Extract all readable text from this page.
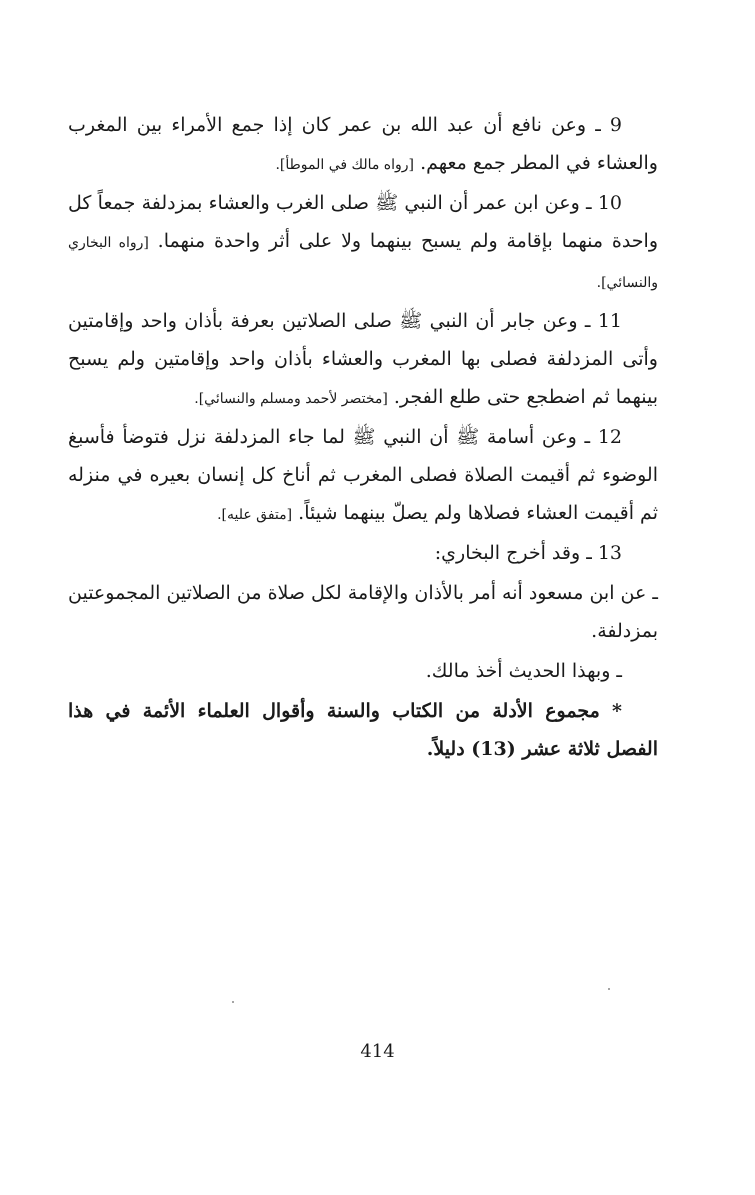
9 ـ وعن نافع أن عبد الله بن عمر كان إذا جمع الأمراء بين المغرب والعشاء في المطر جمع معهم. [رواه مالك في الموطأ].

10 ـ وعن ابن عمر أن النبي ﷺ صلى الغرب والعشاء بمزدلفة جمعاً كل واحدة منهما بإقامة ولم يسبح بينهما ولا على أثر واحدة منهما. [رواه البخاري والنسائي].

11 ـ وعن جابر أن النبي ﷺ صلى الصلاتين بعرفة بأذان واحد وإقامتين وأتى المزدلفة فصلى بها المغرب والعشاء بأذان واحد وإقامتين ولم يسبح بينهما ثم اضطجع حتى طلع الفجر. [مختصر لأحمد ومسلم والنسائي].

12 ـ وعن أسامة ﷺ أن النبي ﷺ لما جاء المزدلفة نزل فتوضأ فأسبغ الوضوء ثم أقيمت الصلاة فصلى المغرب ثم أناخ كل إنسان بعيره في منزله ثم أقيمت العشاء فصلاها ولم يصلّ بينهما شيئاً. [متفق عليه].

13 ـ وقد أخرج البخاري:

ـ عن ابن مسعود أنه أمر بالأذان والإقامة لكل صلاة من الصلاتين المجموعتين بمزدلفة.

ـ وبهذا الحديث أخذ مالك.

* مجموع الأدلة من الكتاب والسنة وأقوال العلماء الأئمة في هذا الفصل ثلاثة عشر (13) دليلاً.

414
